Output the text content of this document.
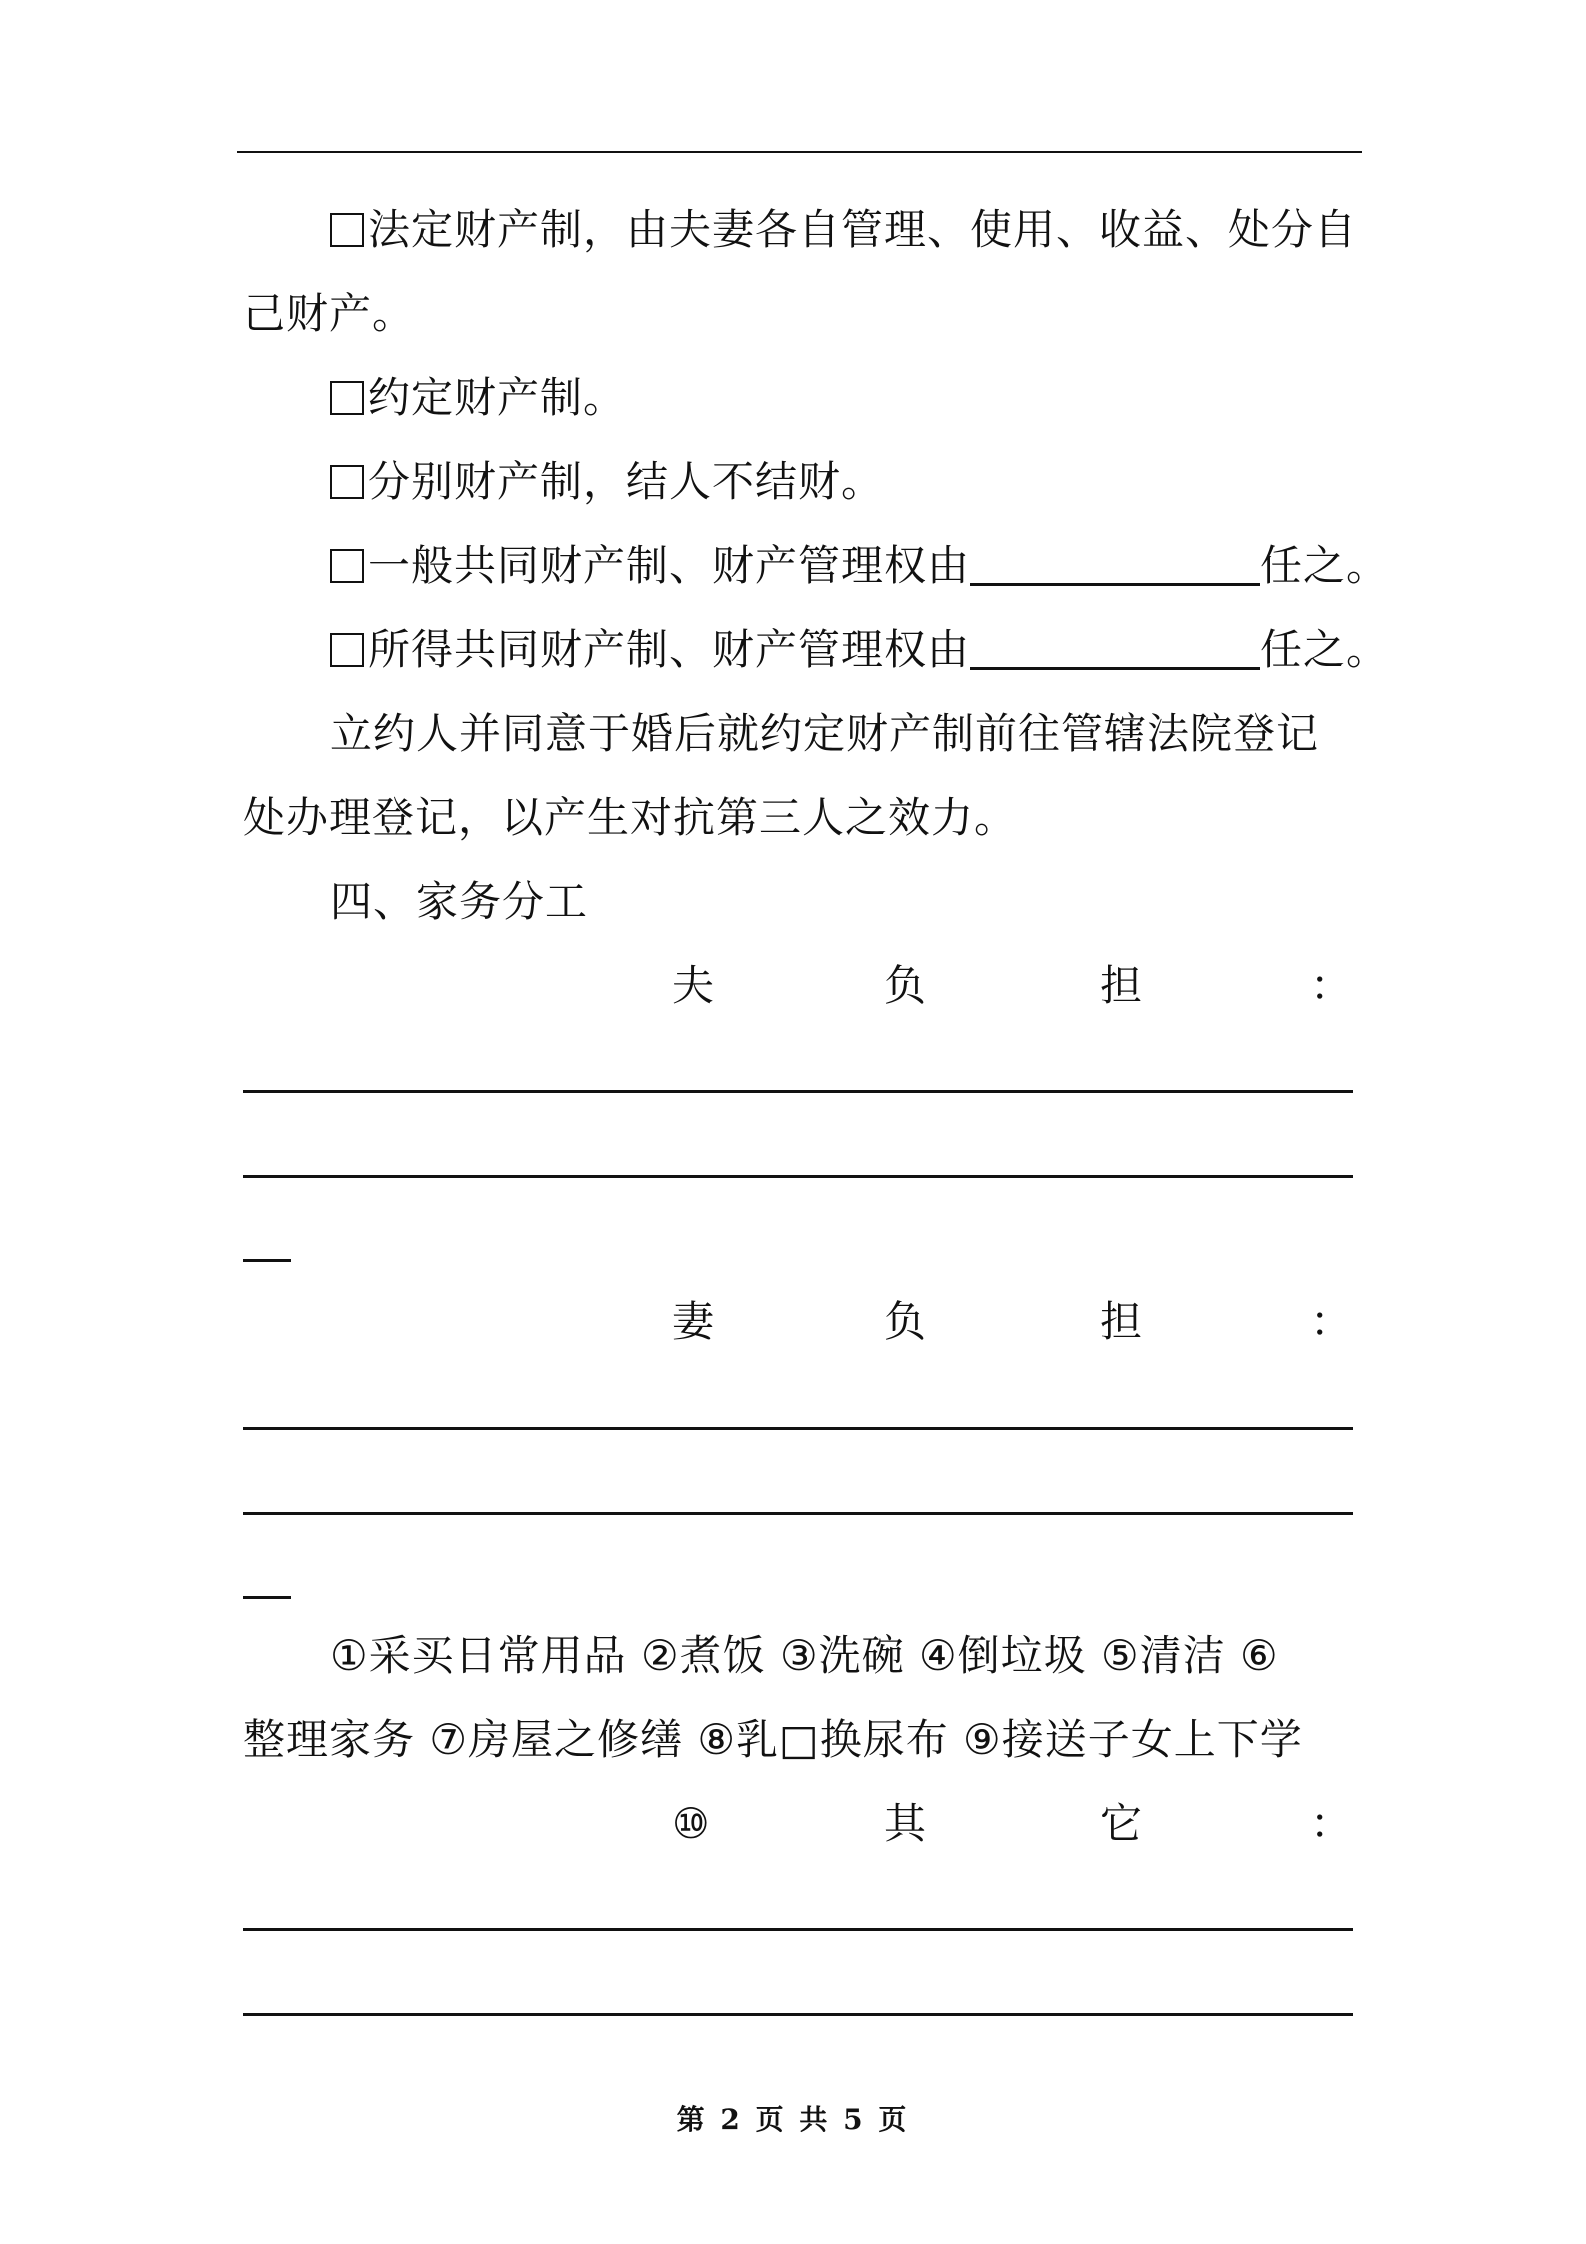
法定财产制，由夫妻各自管理、使用、收益、处分自
己财产。
约定财产制。
分别财产制，结人不结财。
一般共同财产制、财产管理权由	任之。
所得共同财产制、财产管理权由	任之。
立约人并同意于婚后就约定财产制前往管辖法院登记
处办理登记，以产生对抗第三人之效力。
四、家务分工
夫	负	担	：
妻	负	担	：
①采买日常用品 ②煮饭 ③洗碗 ④倒垃圾 ⑤清洁 ⑥
整理家务 ⑦房屋之修缮 ⑧乳□换尿布 ⑨接送子女上下学
⑩	其	它	：
第 2 页 共 5 页
